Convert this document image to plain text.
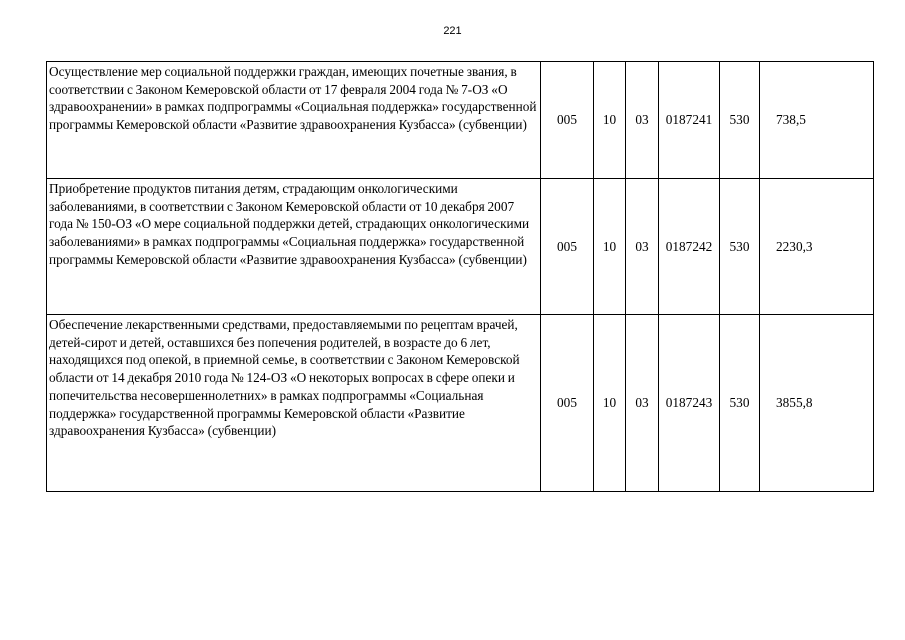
221
Осуществление мер социальной поддержки граждан, имеющих почетные звания, в соответствии с Законом Кемеровской области от 17 февраля 2004 года № 7-ОЗ «О здравоохранении» в рамках подпрограммы «Социальная поддержка» государственной программы Кемеровской области «Развитие здравоохранения Кузбасса» (субвенции)	005	10	03	0187241	530	738,5
Приобретение продуктов питания детям, страдающим онкологическими заболеваниями, в соответствии с Законом Кемеровской области от 10 декабря 2007 года № 150-ОЗ «О мере социальной поддержки детей, страдающих онкологическими заболеваниями» в рамках подпрограммы «Социальная поддержка» государственной программы Кемеровской области «Развитие здравоохранения Кузбасса» (субвенции)	005	10	03	0187242	530	2230,3
Обеспечение лекарственными средствами, предоставляемыми по рецептам врачей, детей-сирот и детей, оставшихся без попечения родителей, в возрасте до 6 лет, находящихся под опекой, в приемной семье, в соответствии с Законом Кемеровской области от 14 декабря 2010 года № 124-ОЗ «О некоторых вопросах в сфере опеки и попечительства несовершеннолетних» в рамках подпрограммы «Социальная поддержка» государственной программы Кемеровской области «Развитие здравоохранения Кузбасса» (субвенции)	005	10	03	0187243	530	3855,8
